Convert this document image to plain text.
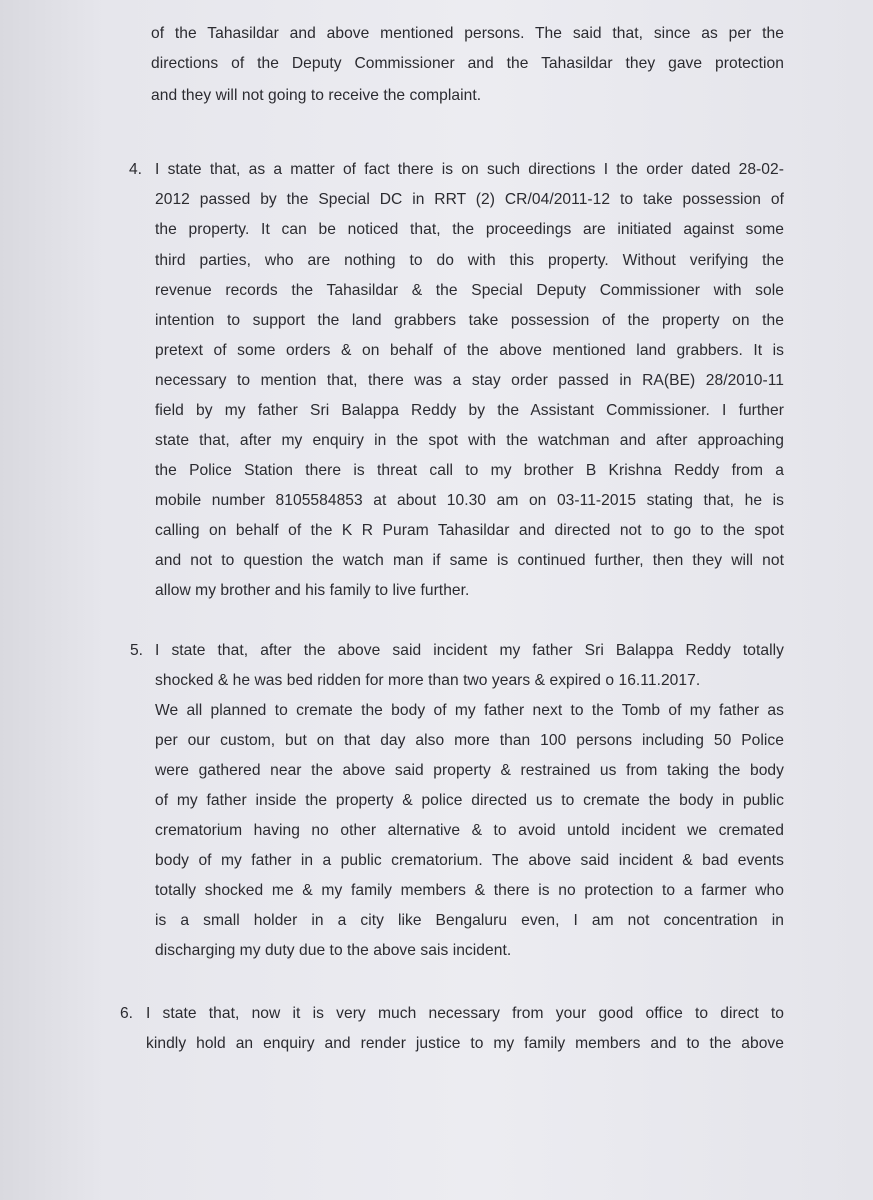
of the Tahasildar and above mentioned persons. The said that, since as per the
directions of the Deputy Commissioner and the Tahasildar they gave protection
and they will not going to receive the complaint.
4. I state that, as a matter of fact there is on such directions I the order dated 28-02-
2012 passed by the Special DC in RRT (2) CR/04/2011-12 to take possession of
the property. It can be noticed that, the proceedings are initiated against some
third parties, who are nothing to do with this property. Without verifying the
revenue records the Tahasildar & the Special Deputy Commissioner with sole
intention to support the land grabbers take possession of the property on the
pretext of some orders & on behalf of the above mentioned land grabbers. It is
necessary to mention that, there was a stay order passed in RA(BE) 28/2010-11
field by my father Sri Balappa Reddy by the Assistant Commissioner. I further
state that, after my enquiry in the spot with the watchman and after approaching
the Police Station there is threat call to my brother B Krishna Reddy from a
mobile number 8105584853 at about 10.30 am on 03-11-2015 stating that, he is
calling on behalf of the K R Puram Tahasildar and directed not to go to the spot
and not to question the watch man if same is continued further, then they will not
allow my brother and his family to live further.
5. I state that, after the above said incident my father Sri Balappa Reddy totally
shocked & he was bed ridden for more than two years & expired o 16.11.2017.
We all planned to cremate the body of my father next to the Tomb of my father as
per our custom, but on that day also more than 100 persons including 50 Police
were gathered near the above said property & restrained us from taking the body
of my father inside the property & police directed us to cremate the body in public
crematorium having no other alternative & to avoid untold incident we cremated
body of my father in a public crematorium. The above said incident & bad events
totally shocked me & my family members & there is no protection to a farmer who
is a small holder in a city like Bengaluru even, I am not concentration in
discharging my duty due to the above sais incident.
6. I state that, now it is very much necessary from your good office to direct to
kindly hold an enquiry and render justice to my family members and to the above
